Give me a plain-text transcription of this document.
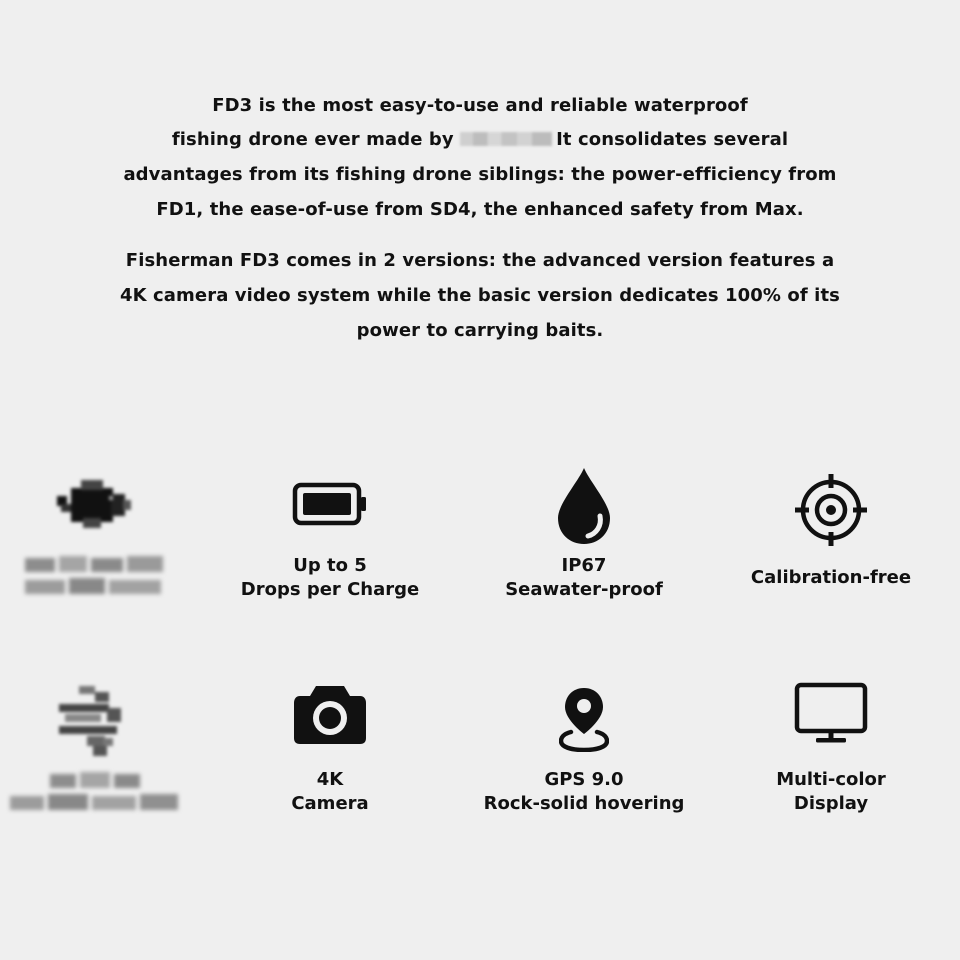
FD3 is the most easy-to-use and reliable waterproof
fishing drone ever made by	It consolidates several
advantages from its fishing drone siblings: the power-efficiency from
FD1, the ease-of-use from SD4, the enhanced safety from Max.
Fisherman FD3 comes in 2 versions: the advanced version features a
4K camera video system while the basic version dedicates 100% of its
power to carrying baits.
Up to 5
Drops per Charge
IP67
Seawater-proof
Calibration-free
4K
Camera
GPS 9.0
Rock-solid hovering
Multi-color
Display
